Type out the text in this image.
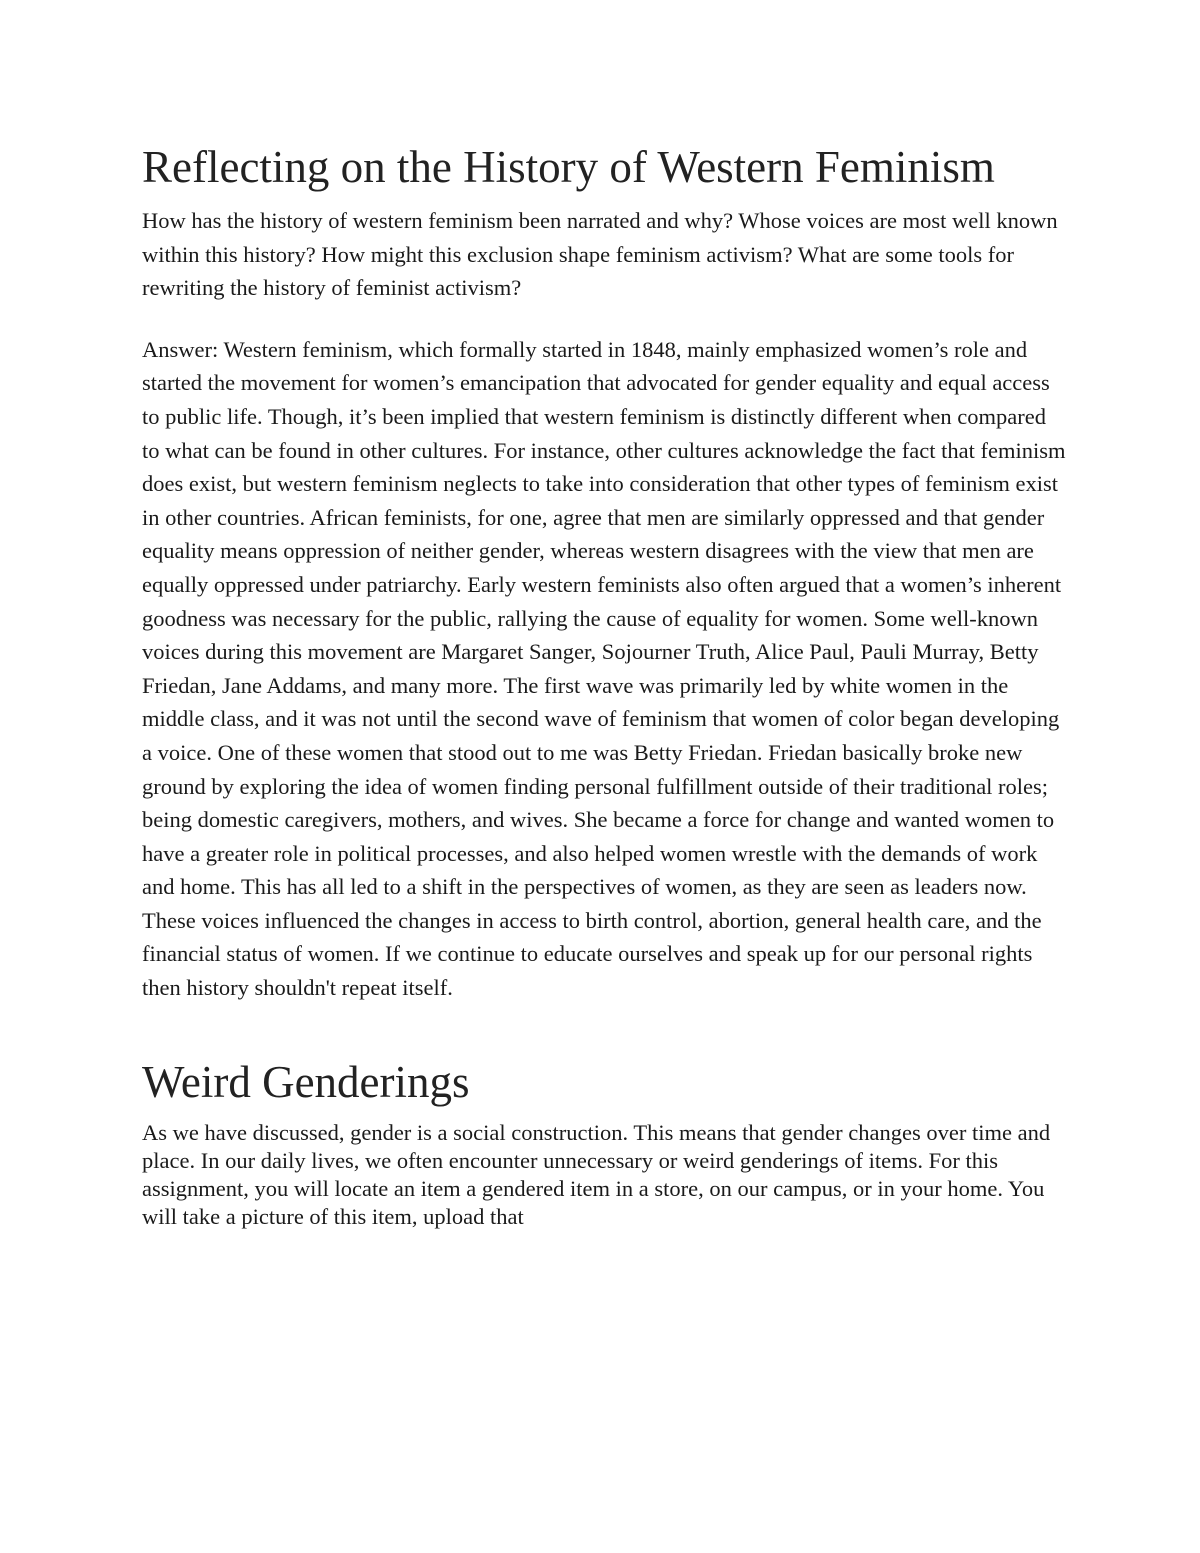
Reflecting on the History of Western Feminism

How has the history of western feminism been narrated and why? Whose voices are most well known within this history? How might this exclusion shape feminism activism? What are some tools for rewriting the history of feminist activism?

Answer: Western feminism, which formally started in 1848, mainly emphasized women’s role and started the movement for women’s emancipation that advocated for gender equality and equal access to public life. Though, it’s been implied that western feminism is distinctly different when compared to what can be found in other cultures. For instance, other cultures acknowledge the fact that feminism does exist, but western feminism neglects to take into consideration that other types of feminism exist in other countries. African feminists, for one, agree that men are similarly oppressed and that gender equality means oppression of neither gender, whereas western disagrees with the view that men are equally oppressed under patriarchy. Early western feminists also often argued that a women’s inherent goodness was necessary for the public, rallying the cause of equality for women. Some well-known voices during this movement are Margaret Sanger, Sojourner Truth, Alice Paul, Pauli Murray, Betty Friedan, Jane Addams, and many more. The first wave was primarily led by white women in the middle class, and it was not until the second wave of feminism that women of color began developing a voice. One of these women that stood out to me was Betty Friedan. Friedan basically broke new ground by exploring the idea of women finding personal fulfillment outside of their traditional roles; being domestic caregivers, mothers, and wives. She became a force for change and wanted women to have a greater role in political processes, and also helped women wrestle with the demands of work and home. This has all led to a shift in the perspectives of women, as they are seen as leaders now. These voices influenced the changes in access to birth control, abortion, general health care, and the financial status of women. If we continue to educate ourselves and speak up for our personal rights then history shouldn't repeat itself.

Weird Genderings

As we have discussed, gender is a social construction. This means that gender changes over time and place. In our daily lives, we often encounter unnecessary or weird genderings of items. For this assignment, you will locate an item a gendered item in a store, on our campus, or in your home. You will take a picture of this item, upload that
